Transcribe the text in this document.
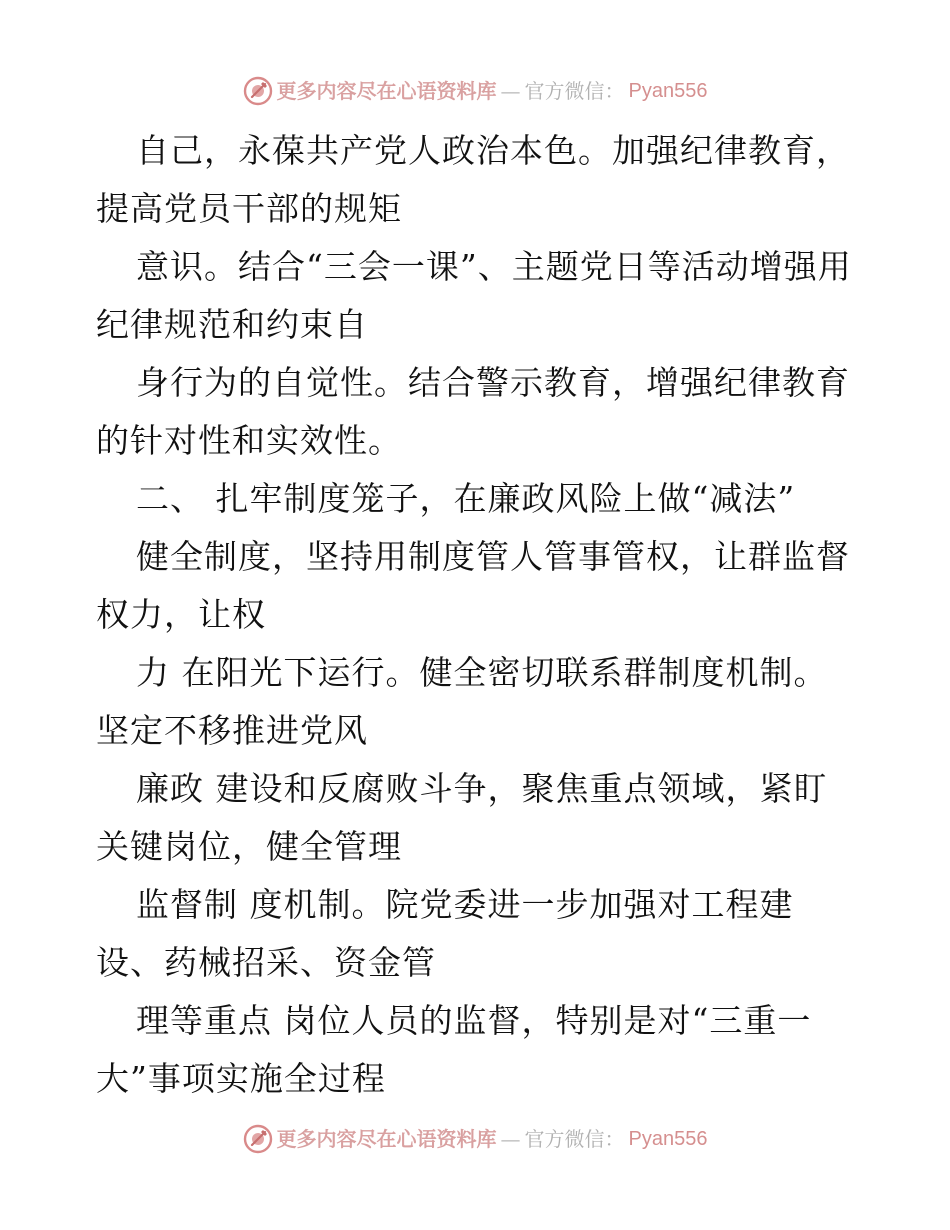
更多内容尽在心语资料库 — 官方微信： Pyan556

自己，永葆共产党人政治本色。加强纪律教育，提高党员干部的规矩

意识。结合“三会一课”、主题党日等活动增强用纪律规范和约束自

身行为的自觉性。结合警示教育，增强纪律教育的针对性和实效性。

二、 扎牢制度笼子，在廉政风险上做“减法”

健全制度，坚持用制度管人管事管权，让群监督权力，让权

力 在阳光下运行。健全密切联系群制度机制。坚定不移推进党风

廉政 建设和反腐败斗争，聚焦重点领域，紧盯关键岗位，健全管理

监督制 度机制。院党委进一步加强对工程建 设、药械招采、资金管

理等重点 岗位人员的监督，特别是对“三重一大”事项实施全过程

更多内容尽在心语资料库 — 官方微信： Pyan556
